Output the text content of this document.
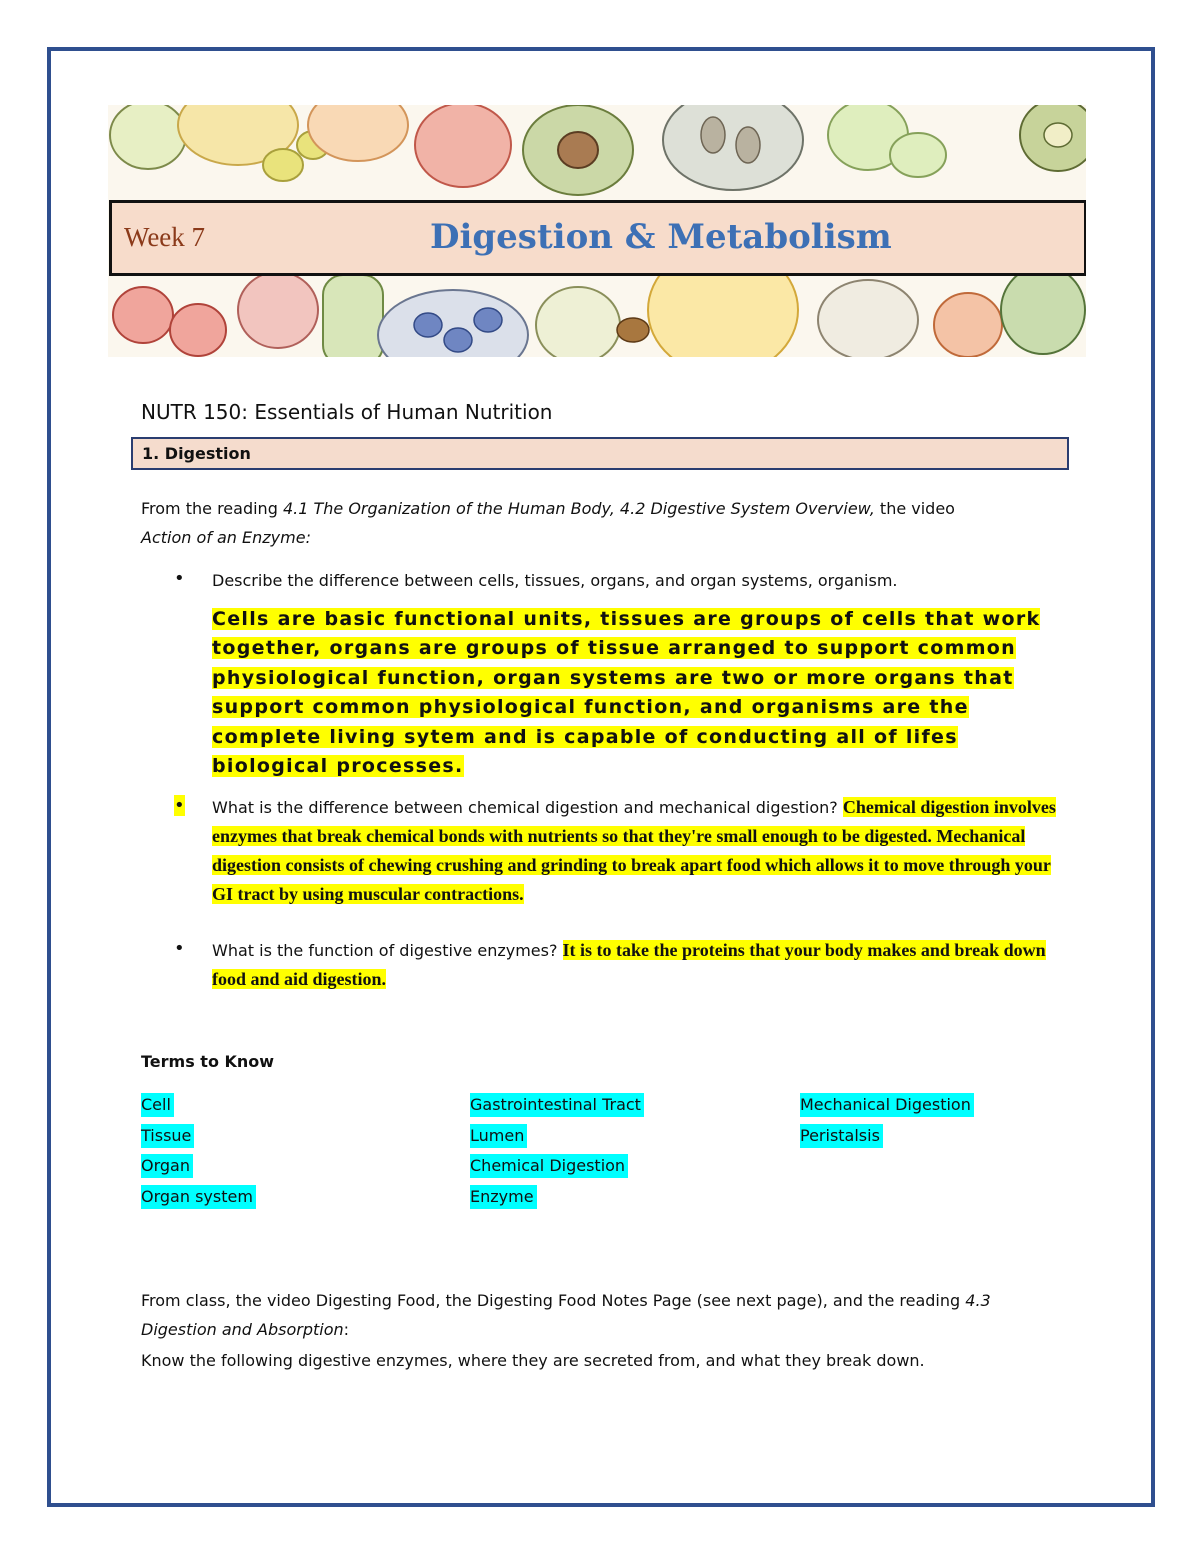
Week 7	Digestion & Metabolism
NUTR 150: Essentials of Human Nutrition
1. Digestion
From the reading 4.1 The Organization of the Human Body, 4.2 Digestive System Overview, the video
Action of an Enzyme:
• Describe the difference between cells, tissues, organs, and organ systems, organism.
Cells are basic functional units, tissues are groups of cells that work together, organs are groups of tissue arranged to support common physiological function, organ systems are two or more organs that support common physiological function, and organisms are the complete living sytem and is capable of conducting all of lifes biological processes.
• What is the difference between chemical digestion and mechanical digestion? Chemical digestion involves enzymes that break chemical bonds with nutrients so that they're small enough to be digested. Mechanical digestion consists of chewing crushing and grinding to break apart food which allows it to move through your GI tract by using muscular contractions.
• What is the function of digestive enzymes? It is to take the proteins that your body makes and break down food and aid digestion.
Terms to Know
Cell
Tissue
Organ
Organ system
Gastrointestinal Tract
Lumen
Chemical Digestion
Enzyme
Mechanical Digestion
Peristalsis
From class, the video Digesting Food, the Digesting Food Notes Page (see next page), and the reading 4.3 Digestion and Absorption:
Know the following digestive enzymes, where they are secreted from, and what they break down.
